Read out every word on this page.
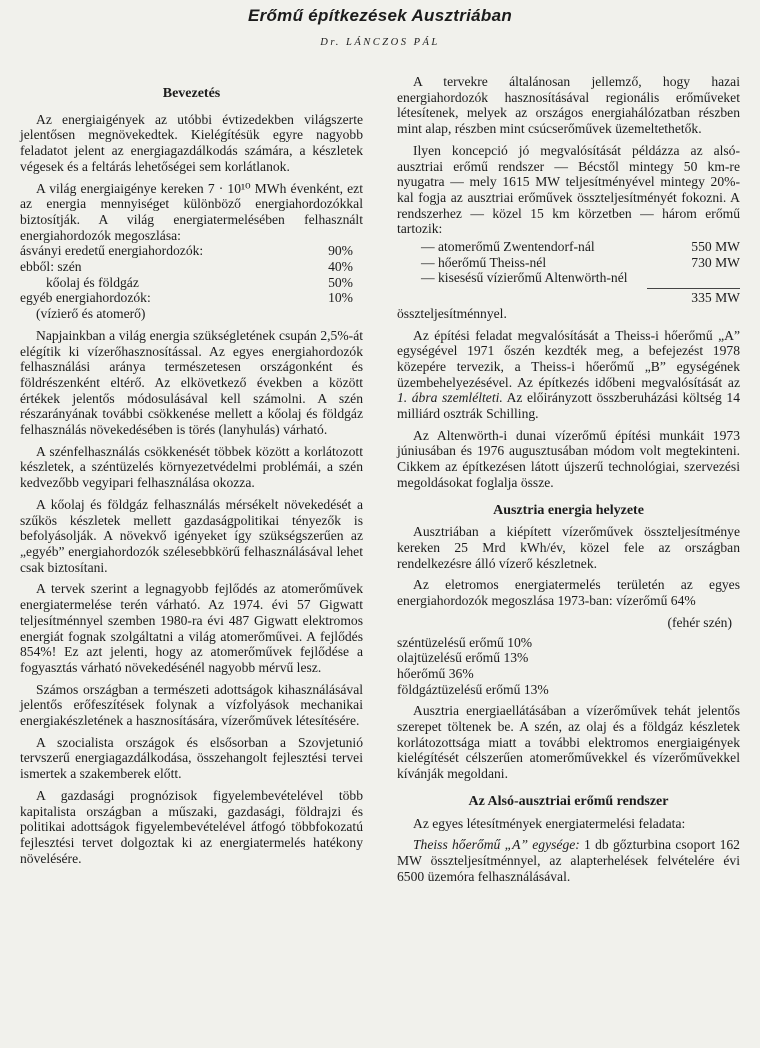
Erőmű építkezések Ausztriában
Dr. LÁNCZOS PÁL
Bevezetés

Az energiaigények az utóbbi évtizedekben világszerte jelentősen megnövekedtek. Kielégítésük egyre nagyobb feladatot jelent az energiagazdálkodás számára, a készletek végesek és a feltárás lehetőségei sem korlátlanok.

A világ energiaigénye kereken 7 · 10¹⁰ MWh évenként, ezt az energia mennyiséget különböző energiahordozókkal biztosítják. A világ energiatermelésében felhasznált energiahordozók megoszlása:

ásványi eredetű energiahordozók:	90%
ebből: szén	40%
kőolaj és földgáz	50%
egyéb energiahordozók:	10%
(vízierő és atomerő)	

Napjainkban a világ energia szükségletének csupán 2,5%-át elégítik ki vízerőhasznosítással. Az egyes energiahordozók felhasználási aránya természetesen országonként és földrészenként eltérő. Az elkövetkező években a között értékek jelentős módosulásával kell számolni. A szén részarányának további csökkenése mellett a kőolaj és földgáz felhasználás növekedésében is törés (lanyhulás) várható.

A szénfelhasználás csökkenését többek között a korlátozott készletek, a széntüzelés környezetvédelmi problémái, a szén kedvezőbb vegyipari felhasználása okozza.

A kőolaj és földgáz felhasználás mérsékelt növekedését a szűkös készletek mellett gazdaságpolitikai tényezők is befolyásolják. A növekvő igényeket így szükségszerűen az „egyéb” energiahordozók szélesebbkörű felhasználásával lehet csak biztosítani.

A tervek szerint a legnagyobb fejlődés az atomerőművek energiatermelése terén várható. Az 1974. évi 57 Gigwatt teljesítménnyel szemben 1980-ra évi 487 Gigwatt elektromos energiát fognak szolgáltatni a világ atomerőművei. A fejlődés 854%! Ez azt jelenti, hogy az atomerőművek fejlődése a fogyasztás várható növekedésénél nagyobb mérvű lesz.

Számos országban a természeti adottságok kihasználásával jelentős erőfeszítések folynak a vízfolyások mechanikai energiakészletének a hasznosítására, vízerőművek létesítésére.

A szocialista országok és elsősorban a Szovjetunió tervszerű energiagazdálkodása, összehangolt fejlesztési tervei ismertek a szakemberek előtt.

A gazdasági prognózisok figyelembevételével több kapitalista országban a műszaki, gazdasági, földrajzi és politikai adottságok figyelembevételével átfogó többfokozatú fejlesztési tervet dolgoztak ki az energiatermelés hatékony növelésére.

A tervekre általánosan jellemző, hogy hazai energiahordozók hasznosításával regionális erőműveket létesítenek, melyek az országos energiahálózatban részben mint alap, részben mint csúcserőművek üzemeltethetők.

Ilyen koncepció jó megvalósítását példázza az alsó-ausztriai erőmű rendszer — Bécstől mintegy 50 km-re nyugatra — mely 1615 MW teljesítményével mintegy 20%-kal fogja az ausztriai erőművek összteljesítményét fokozni. A rendszerhez — közel 15 km körzetben — három erőmű tartozik:

— atomerőmű Zwentendorf-nál	550 MW
— hőerőmű Theiss-nél	730 MW
— kisesésű vízierőmű Altenwörth-nél
335 MW

összteljesítménnyel.

Az építési feladat megvalósítását a Theiss-i hőerőmű „A” egységével 1971 őszén kezdték meg, a befejezést 1978 közepére tervezik, a Theiss-i hőerőmű „B” egységének üzembehelyezésével. Az építkezés időbeni megvalósítását az 1. ábra szemlélteti. Az előirányzott összberuházási költség 14 milliárd osztrák Schilling.

Az Altenwörth-i dunai vízerőmű építési munkáit 1973 júniusában és 1976 augusztusában módom volt megtekinteni. Cikkem az építkezésen látott újszerű technológiai, szervezési megoldásokat foglalja össze.

Ausztria energia helyzete

Ausztriában a kiépített vízerőművek összteljesítménye kereken 25 Mrd kWh/év, közel fele az országban rendelkezésre álló vízerő készletnek.

Az eletromos energiatermelés területén az egyes energiahordozók megoszlása 1973-ban: vízerőmű 64%

(fehér szén)
széntüzelésű erőmű 10%
olajtüzelésű erőmű 13%
hőerőmű 36%
földgáztüzelésű erőmű 13%

Ausztria energiaellátásában a vízerőművek tehát jelentős szerepet töltenek be. A szén, az olaj és a földgáz készletek korlátozottsága miatt a további elektromos energiaigények kielégítését célszerűen atomerőművekkel és vízerőművekkel kívánják megoldani.

Az Alsó-ausztriai erőmű rendszer

Az egyes létesítmények energiatermelési feladata:

Theiss hőerőmű „A” egysége: 1 db gőzturbina csoport 162 MW összteljesítménnyel, az alapterhelések felvételére évi 6500 üzemóra felhasználásával.
